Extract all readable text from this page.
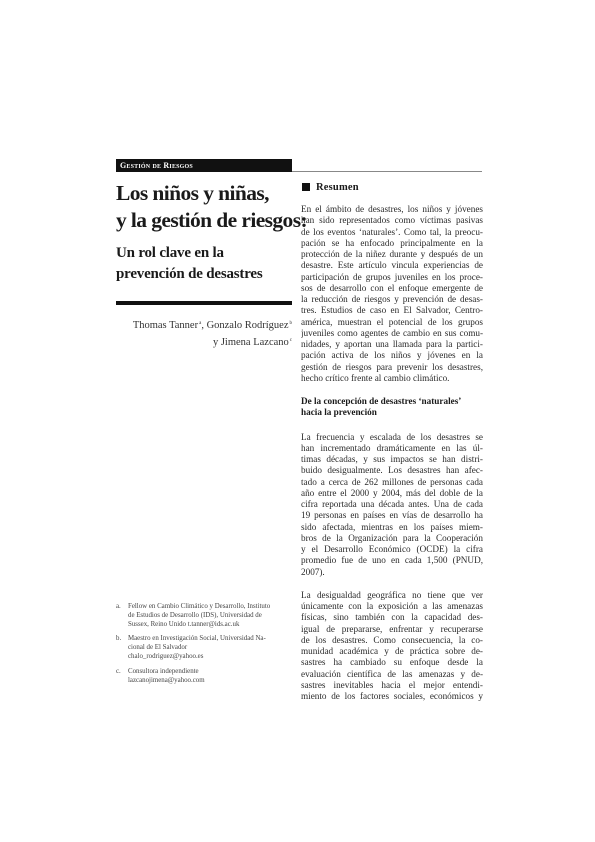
Gestión de Riesgos
Los niños y niñas,
y la gestión de riesgos:
Un rol clave en la
prevención de desastres
Thomas Tanner$^a$, Gonzalo Rodríguez$^b$
y Jimena Lazcano$^c$
a.	Fellow en Cambio Climático y Desarrollo, Instituto
de Estudios de Desarrollo (IDS), Universidad de
Sussex, Reino Unido t.tanner@ids.ac.uk
b. Maestro en Investigación Social, Universidad Na-
cional de El Salvador
chalo_rodriguez@yahoo.es
c.	Consultora independiente
lazcanojimena@yahoo.com
Resumen
En el ámbito de desastres, los niños y jóvenes
han sido representados como víctimas pasivas
de los eventos ‘naturales’. Como tal, la preocu-
pación se ha enfocado principalmente en la
protección de la niñez durante y después de un
desastre. Este artículo vincula experiencias de
participación de grupos juveniles en los proce-
sos de desarrollo con el enfoque emergente de
la reducción de riesgos y prevención de desas-
tres. Estudios de caso en El Salvador, Centro-
américa, muestran el potencial de los grupos
juveniles como agentes de cambio en sus comu-
nidades, y aportan una llamada para la partici-
pación activa de los niños y jóvenes en la
gestión de riesgos para prevenir los desastres,
hecho crítico frente al cambio climático.
De la concepción de desastres ‘naturales’
hacia la prevención
La frecuencia y escalada de los desastres se
han incrementado dramáticamente en las úl-
timas décadas, y sus impactos se han distri-
buido desigualmente. Los desastres han afec-
tado a cerca de 262 millones de personas cada
año entre el 2000 y 2004, más del doble de la
cifra reportada una década antes. Una de cada
19 personas en países en vías de desarrollo ha
sido afectada, mientras en los países miem-
bros de la Organización para la Cooperación
y el Desarrollo Económico (OCDE) la cifra
promedio fue de uno en cada 1,500 (PNUD,
2007).
La desigualdad geográfica no tiene que ver
únicamente con la exposición a las amenazas
físicas, sino también con la capacidad des-
igual de prepararse, enfrentar y recuperarse
de los desastres. Como consecuencia, la co-
munidad académica y de práctica sobre de-
sastres ha cambiado su enfoque desde la
evaluación científica de las amenazas y de-
sastres inevitables hacia el mejor entendi-
miento de los factores sociales, económicos y
